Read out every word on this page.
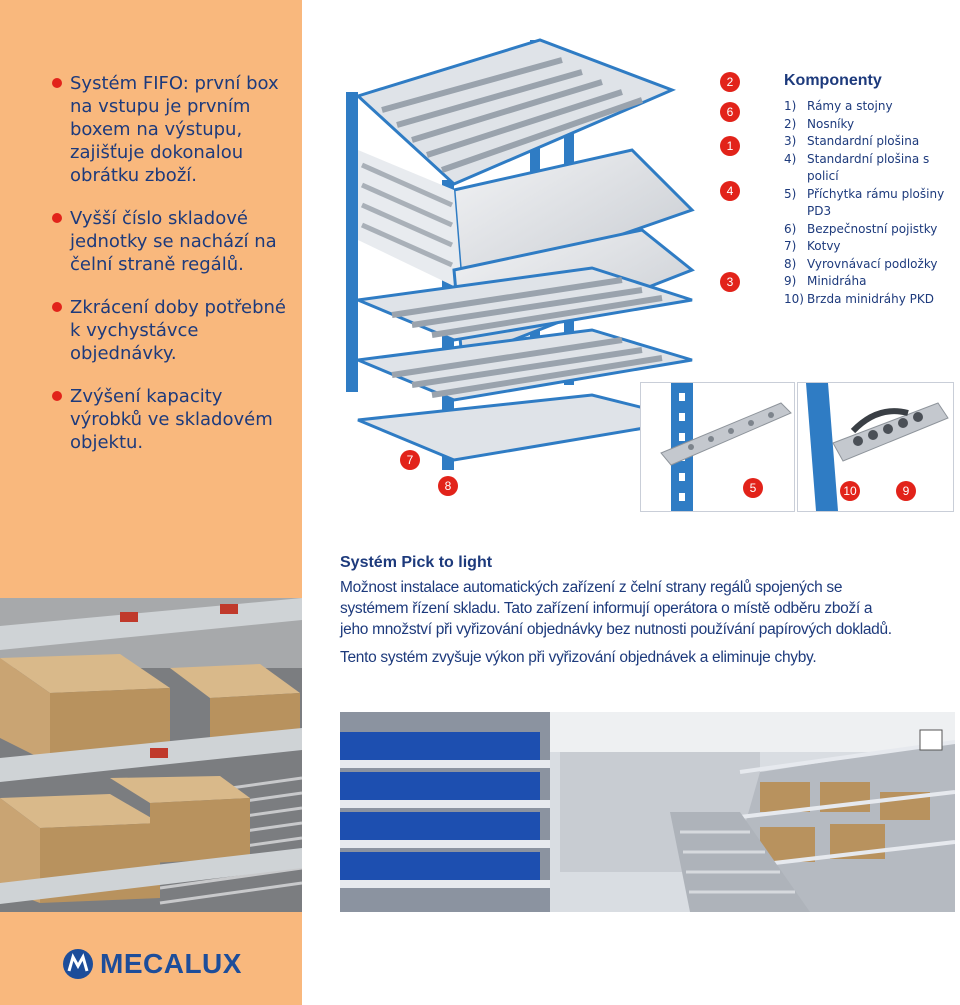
Systém FIFO: první box na vstupu je prvním boxem na výstupu, zajišťuje dokonalou obrátku zboží.
Vyšší číslo skladové jednotky se nachází na čelní straně regálů.
Zkrácení doby potřebné k vychystávce objednávky.
Zvýšení kapacity výrobků ve skladovém objektu.
MECALUX
2
6
1
4
3
7
8
Komponenty
1) Rámy a stojny
2) Nosníky
3) Standardní plošina
4) Standardní plošina s policí
5) Příchytka rámu plošiny PD3
6) Bezpečnostní pojistky
7) Kotvy
8) Vyrovnávací podložky
9) Minidráha
10) Brzda minidráhy PKD
5	10	9
Systém Pick to light

Možnost instalace automatických zařízení z čelní strany regálů spojených se systémem řízení skladu. Tato zařízení informují operátora o místě odběru zboží a jeho množství při vyřizování objednávky bez nutnosti používání papírových dokladů.

Tento systém zvyšuje výkon při vyřizování objednávek a eliminuje chyby.
